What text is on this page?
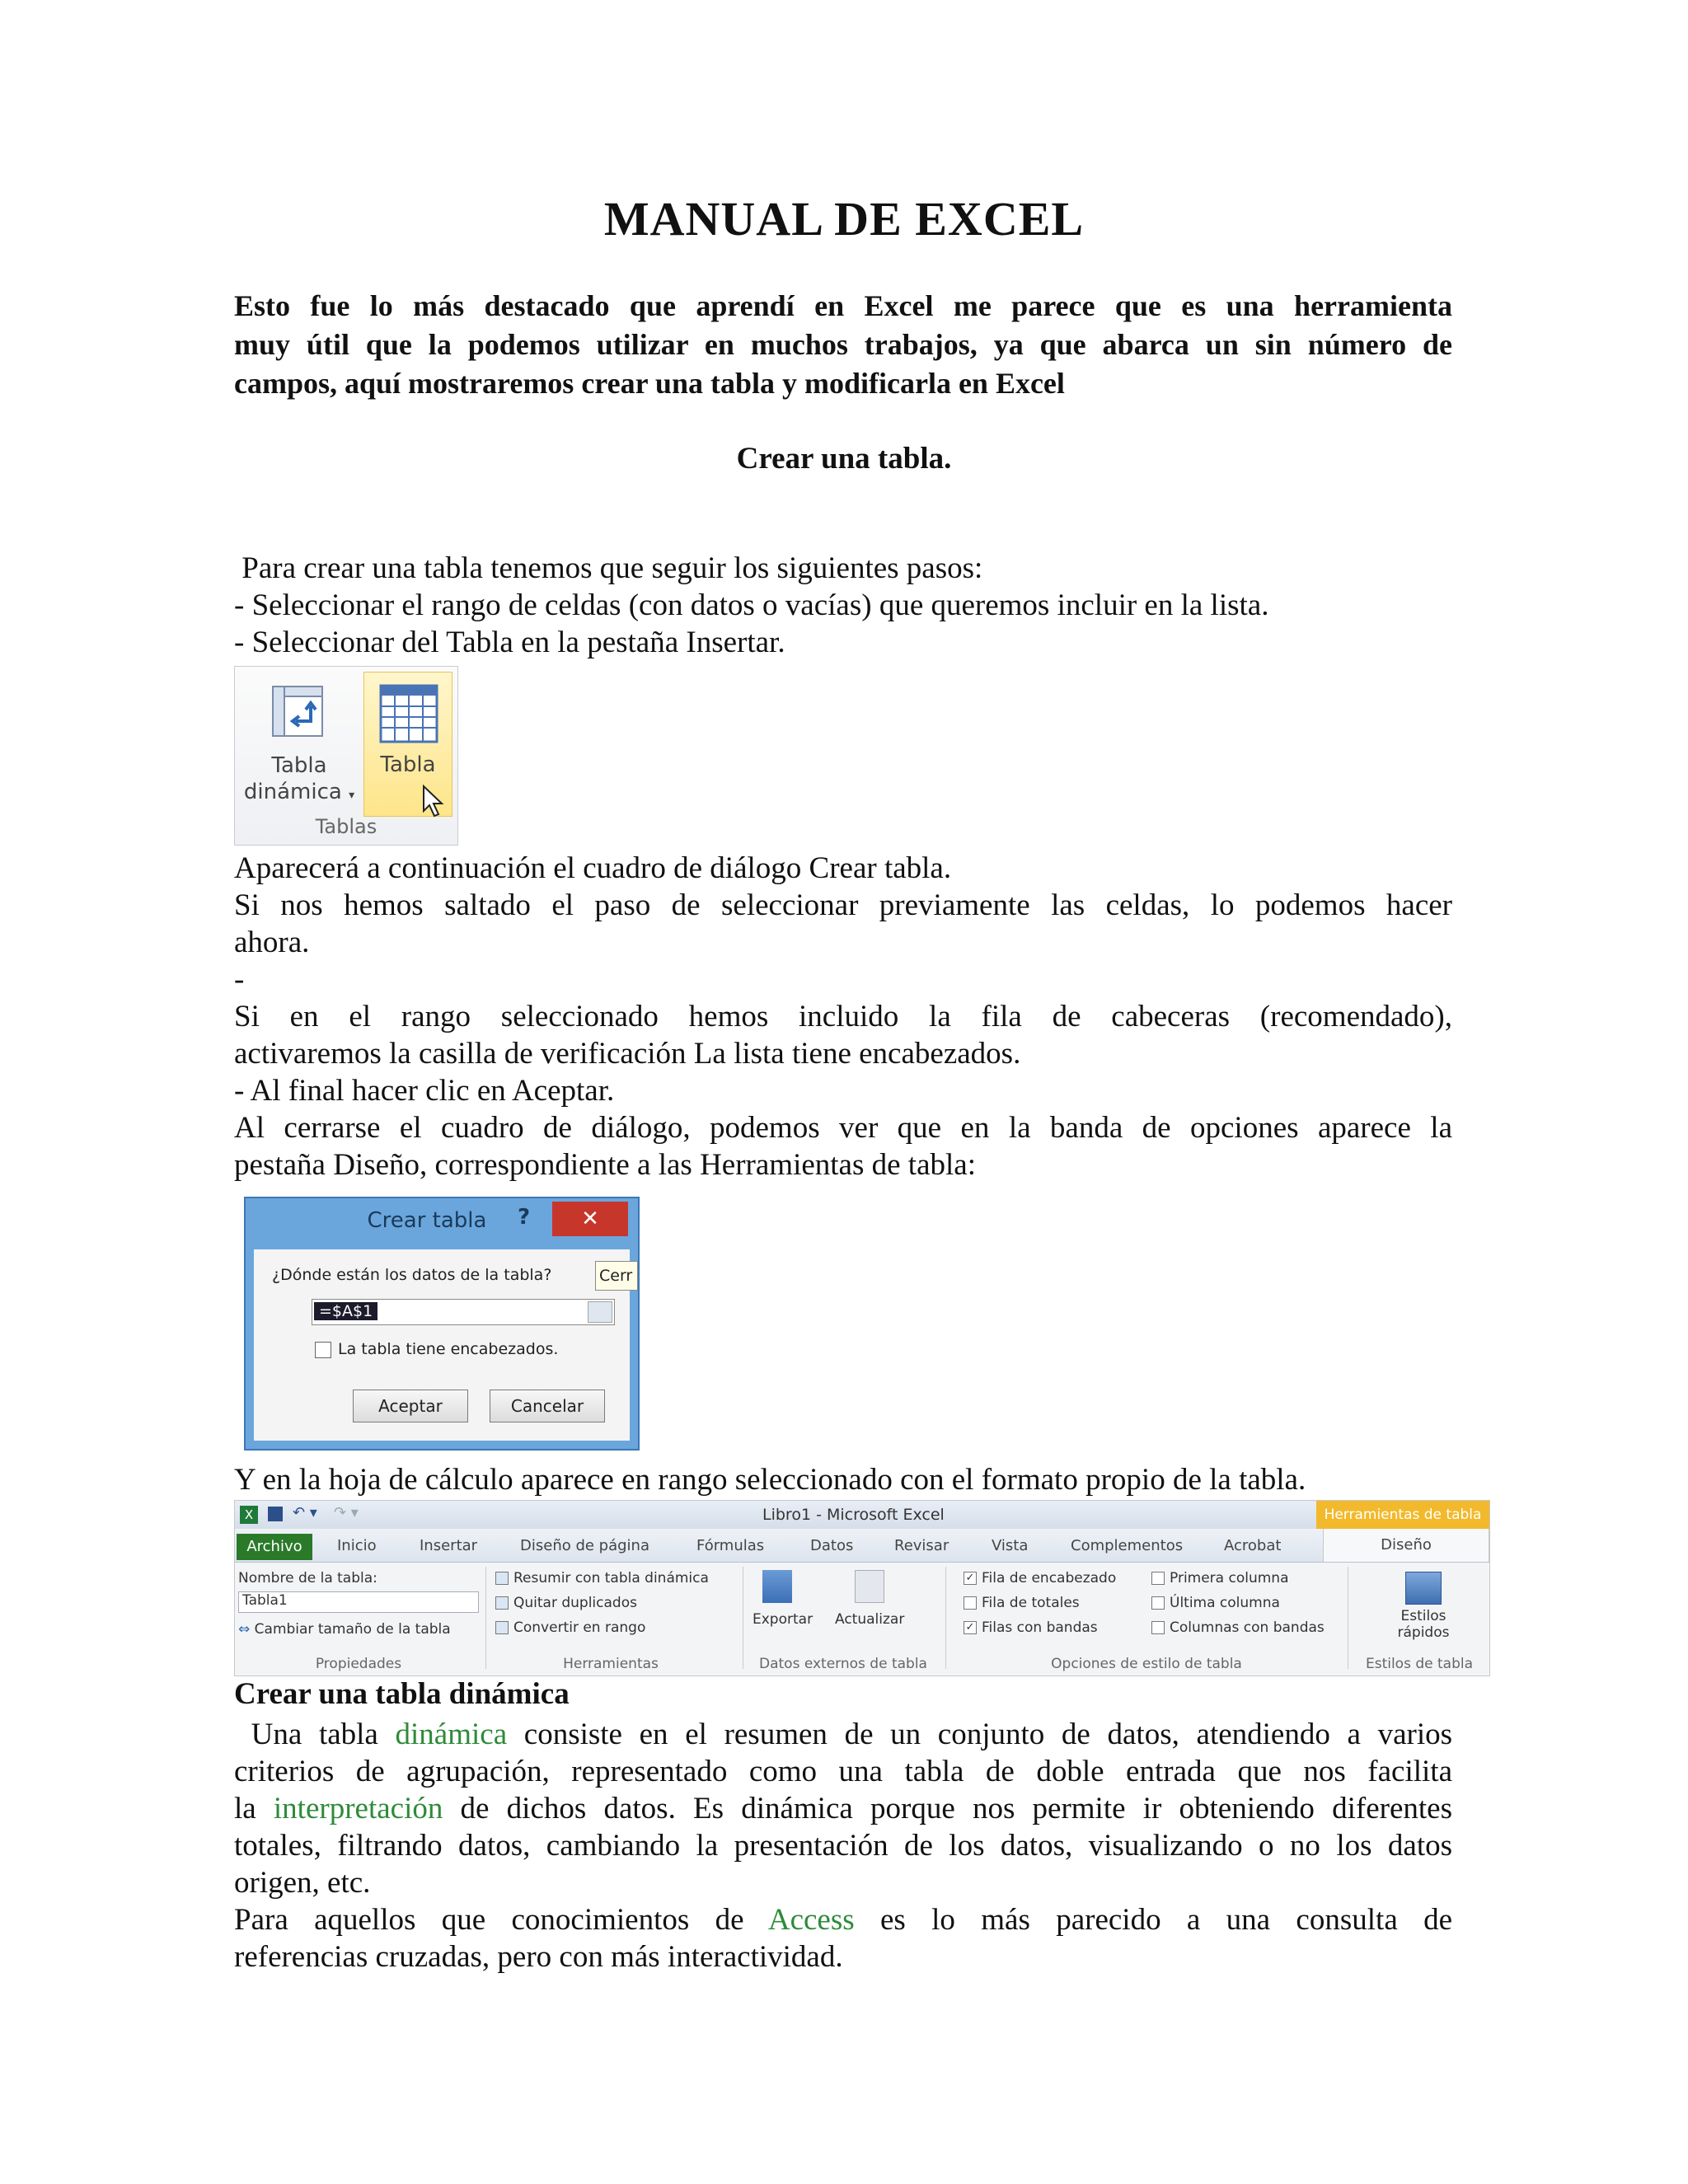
MANUAL DE EXCEL
Esto fue lo más destacado que aprendí en Excel me parece que es una herramienta
muy útil que la podemos utilizar en muchos trabajos, ya que abarca un sin número de
campos, aquí mostraremos crear una tabla y modificarla en Excel
Crear una tabla.
Para crear una tabla tenemos que seguir los siguientes pasos:
- Seleccionar el rango de celdas (con datos o vacías) que queremos incluir en la lista.
- Seleccionar del Tabla en la pestaña Insertar.
Tabla
dinámica ▾
Tabla
Tablas
Aparecerá a continuación el cuadro de diálogo Crear tabla.
Si nos hemos saltado el paso de seleccionar previamente las celdas, lo podemos hacer
ahora.
-
Si en el rango seleccionado hemos incluido la fila de cabeceras (recomendado),
activaremos la casilla de verificación La lista tiene encabezados.
- Al final hacer clic en Aceptar.
Al cerrarse el cuadro de diálogo, podemos ver que en la banda de opciones aparece la
pestaña Diseño, correspondiente a las Herramientas de tabla:
Crear tabla	?	✕
¿Dónde están los datos de la tabla?
=$A$1
La tabla tiene encabezados.
Aceptar	Cancelar
Cerr
Y en la hoja de cálculo aparece en rango seleccionado con el formato propio de la tabla.
X	↶ ▾ ↷ ▾	Libro1 - Microsoft Excel	Herramientas de tabla
Archivo	Inicio	Insertar	Diseño de página	Fórmulas	Datos	Revisar	Vista	Complementos	Acrobat	Diseño
Nombre de la tabla:
Tabla1
⇔ Cambiar tamaño de la tabla
Propiedades
Resumir con tabla dinámica
Quitar duplicados
Convertir en rango
Herramientas
Exportar Actualizar
Datos externos de tabla
✓ Fila de encabezado
Fila de totales
✓ Filas con bandas
Primera columna
Última columna
Columnas con bandas
Opciones de estilo de tabla
Estilos
rápidos
Estilos de tabla
Crear una tabla dinámica
Una tabla dinámica consiste en el resumen de un conjunto de datos, atendiendo a varios
criterios de agrupación, representado como una tabla de doble entrada que nos facilita
la interpretación de dichos datos. Es dinámica porque nos permite ir obteniendo diferentes
totales, filtrando datos, cambiando la presentación de los datos, visualizando o no los datos
origen, etc.
Para aquellos que conocimientos de Access es lo más parecido a una consulta de
referencias cruzadas, pero con más interactividad.
